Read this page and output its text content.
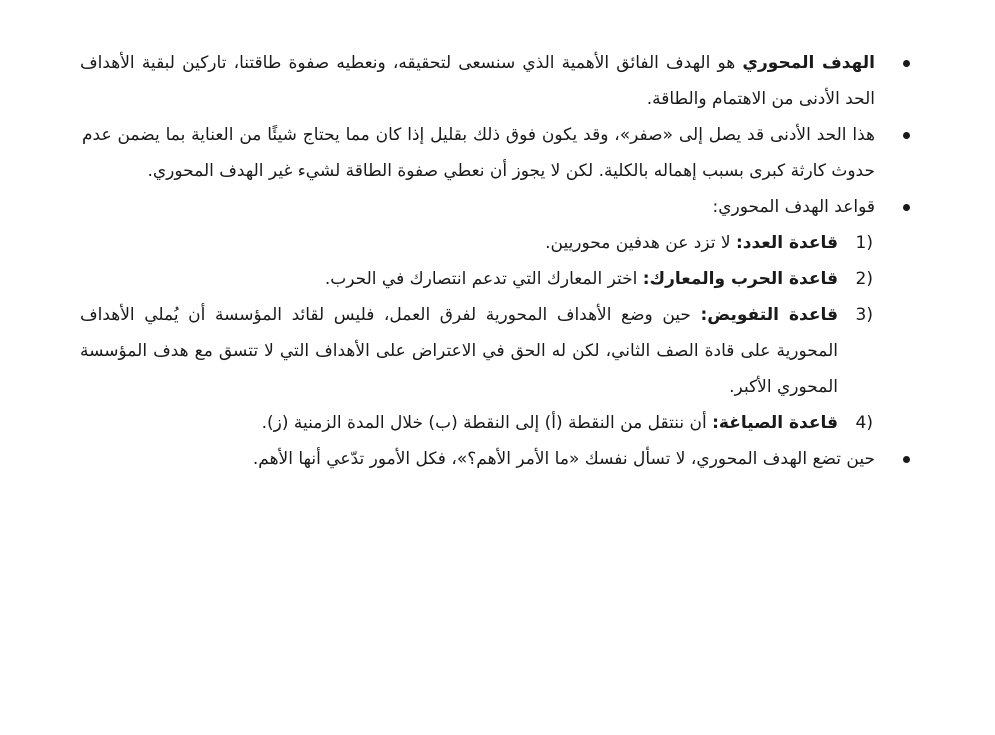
الهدف المحوري هو الهدف الفائق الأهمية الذي سنسعى لتحقيقه، ونعطيه صفوة طاقتنا، تاركين لبقية الأهداف الحد الأدنى من الاهتمام والطاقة.
هذا الحد الأدنى قد يصل إلى «صفر»، وقد يكون فوق ذلك بقليل إذا كان مما يحتاج شيئًا من العناية بما يضمن عدم حدوث كارثة كبرى بسبب إهماله بالكلية. لكن لا يجوز أن نعطي صفوة الطاقة لشيء غير الهدف المحوري.
قواعد الهدف المحوري:
1)
قاعدة العدد: لا تزد عن هدفين محوريين.
2)
قاعدة الحرب والمعارك: اختر المعارك التي تدعم انتصارك في الحرب.
3)
قاعدة التفويض: حين وضع الأهداف المحورية لفرق العمل، فليس لقائد المؤسسة أن يُملي الأهداف المحورية على قادة الصف الثاني، لكن له الحق في الاعتراض على الأهداف التي لا تتسق مع هدف المؤسسة المحوري الأكبر.
4)
قاعدة الصياغة: أن ننتقل من النقطة (أ) إلى النقطة (ب) خلال المدة الزمنية (ز).
حين تضع الهدف المحوري، لا تسأل نفسك «ما الأمر الأهم؟»، فكل الأمور تدّعي أنها الأهم.
